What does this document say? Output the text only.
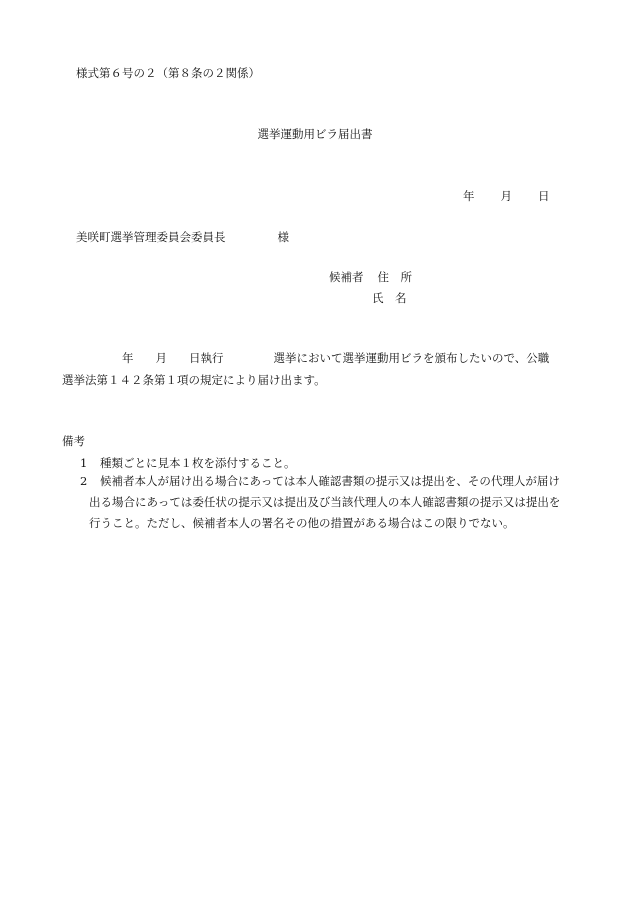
様式第６号の２（第８条の２関係）
選挙運動用ビラ届出書
年 月 日
美咲町選挙管理委員会委員長	様
候補者 住　所
氏　名
年 月 日執行	選挙において選挙運動用ビラを頒布したいので、公職
選挙法第１４２条第１項の規定により届け出ます。
備考
1 種類ごとに見本１枚を添付すること。
2 候補者本人が届け出る場合にあっては本人確認書類の提示又は提出を、その代理人が届け
出る場合にあっては委任状の提示又は提出及び当該代理人の本人確認書類の提示又は提出を
行うこと。ただし、候補者本人の署名その他の措置がある場合はこの限りでない。
